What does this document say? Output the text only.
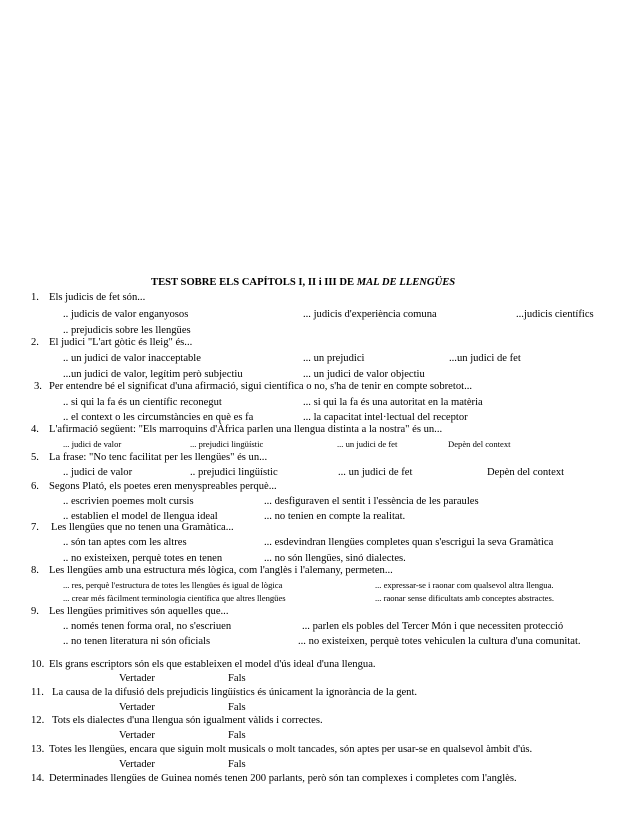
TEST SOBRE ELS CAPÍTOLS I, II i III DE MAL DE LLENGÜES
1. Els judicis de fet són...
.. judicis de valor enganyosos	... judicis d'experiència comuna	...judicis científics
.. prejudicis sobre les llengües
2. El judici "L'art gòtic és lleig" és...
.. un judici de valor inacceptable	... un prejudici	...un judici de fet
...un judici de valor, legítim però subjectiu	... un judici de valor objectiu
3. Per entendre bé el significat d'una afirmació, sigui científica o no, s'ha de tenir en compte sobretot...
.. si qui la fa és un científic reconegut	... si qui la fa és una autoritat en la matèria
.. el context o les circumstàncies en què es fa	... la capacitat intel·lectual del receptor
4. L'afirmació següent: "Els marroquins d'Àfrica parlen una llengua distinta a la nostra" és un...
... judici de valor	... prejudici lingüístic	... un judici de fet	Depèn del context
5. La frase: "No tenc facilitat per les llengües" és un...
.. judici de valor	.. prejudici lingüístic	... un judici de fet	Depèn del context
6. Segons Plató, els poetes eren menyspreables perquè...
.. escrivien poemes molt cursis	... desfiguraven el sentit i l'essència de les paraules
.. establien el model de llengua ideal	... no tenien en compte la realitat.
7. Les llengües que no tenen una Gramàtica...
.. són tan aptes com les altres	... esdevindran llengües completes quan s'escrigui la seva Gramàtica
.. no existeixen, perquè totes en tenen	... no són llengües, sinó dialectes.
8. Les llengües amb una estructura més lògica, com l'anglès i l'alemany, permeten...
... res, perquè l'estructura de totes les llengües és igual de lògica	... expressar-se i raonar com qualsevol altra llengua.
... crear més fàcilment terminologia científica que altres llengües	... raonar sense dificultats amb conceptes abstractes.
9. Les llengües primitives són aquelles que...
.. només tenen forma oral, no s'escriuen	... parlen els pobles del Tercer Món i que necessiten protecció
.. no tenen literatura ni són oficials	... no existeixen, perquè totes vehiculen la cultura d'una comunitat.
10. Els grans escriptors són els que estableixen el model d'ús ideal d'una llengua.
Vertader	Fals
11. La causa de la difusió dels prejudicis lingüístics és únicament la ignorància de la gent.
Vertader	Fals
12. Tots els dialectes d'una llengua són igualment vàlids i correctes.
Vertader	Fals
13. Totes les llengües, encara que siguin molt musicals o molt tancades, són aptes per usar-se en qualsevol àmbit d'ús.
Vertader	Fals
14. Determinades llengües de Guinea només tenen 200 parlants, però són tan complexes i completes com l'anglès.
